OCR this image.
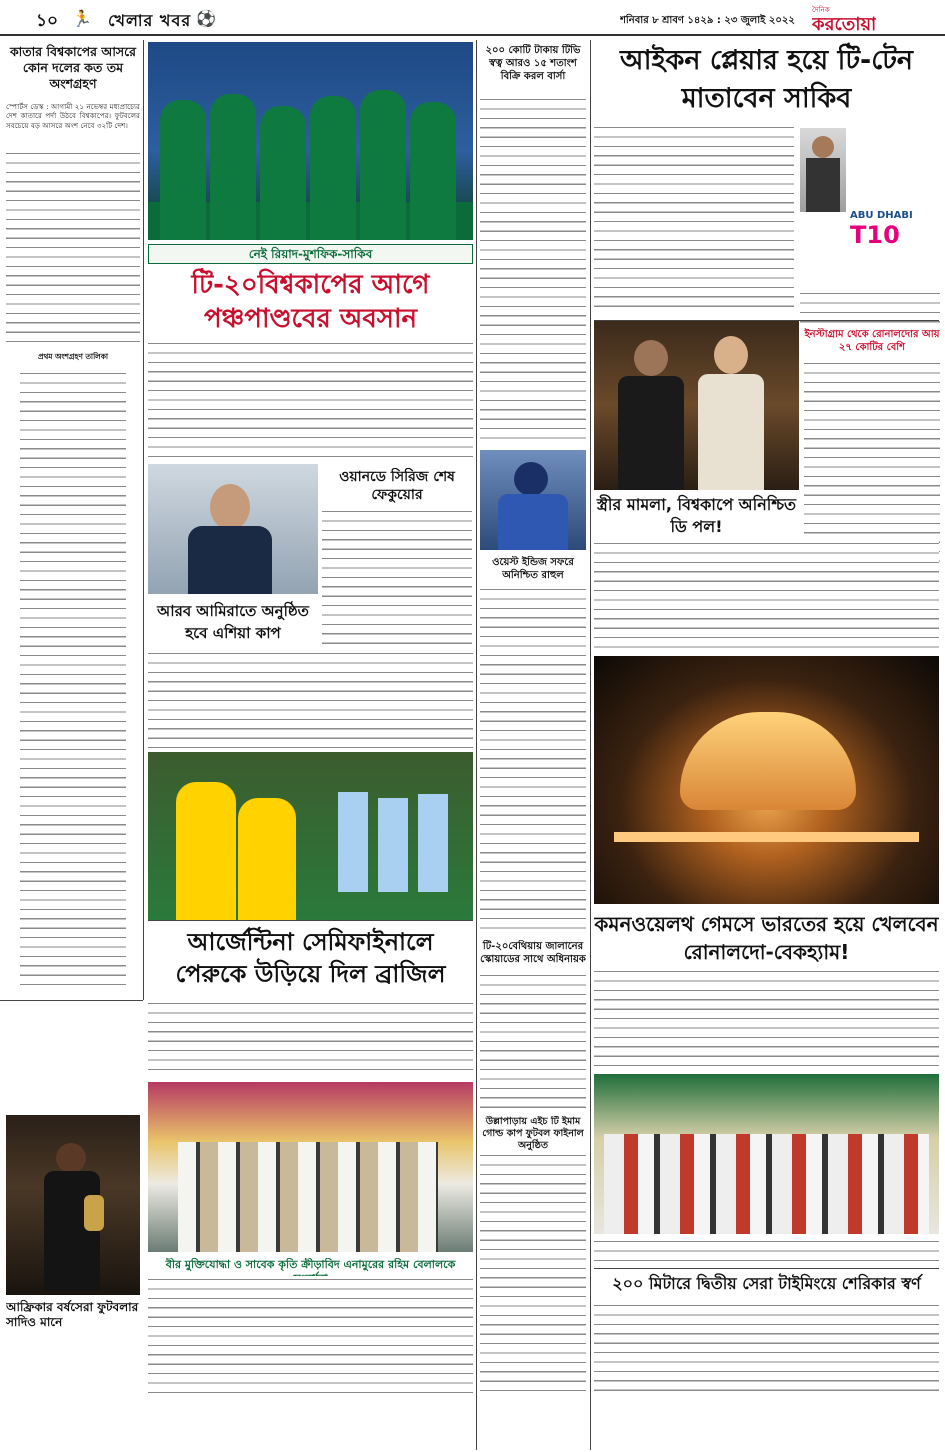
১০ 🏃 খেলার খবর ⚽	শনিবার ৮ শ্রাবণ ১৪২৯ : ২৩ জুলাই ২০২২
দৈনিক
করতোয়া
কাতার বিশ্বকাপের আসরে কোন দলের কত তম অংশগ্রহণ
স্পোর্টস ডেস্ক : আগামী ২১ নভেম্বর মধ্যপ্রাচ্যের দেশ কাতারে পর্দা উঠবে বিশ্বকাপের। ফুটবলের সবচেয়ে বড় আসরে অংশ নেবে ৩২টি দেশ।
প্রথম অংশগ্রহণ তালিকা
নেই রিয়াদ-মুশফিক-সাকিব
টি-২০বিশ্বকাপের আগে পঞ্চপাণ্ডবের অবসান
ওয়ানডে সিরিজ শেষ ফেকুয়োর
আরব আমিরাতে অনুষ্ঠিত হবে এশিয়া কাপ
আর্জেন্টিনা সেমিফাইনালে পেরুকে উড়িয়ে দিল ব্রাজিল
বীর মুক্তিযোদ্ধা ও সাবেক কৃতি ক্রীড়াবিদ এনামুরের রহিম বেলালকে
আফ্রিকার বর্ষসেরা ফুটবলার সাদিও মানে
২০০ কোটি টাকায় টিভি স্বত্ব আরও ১৫ শতাংশ বিক্রি করল বার্সা
ওয়েস্ট ইন্ডিজ সফরে অনিশ্চিত রাহুল
টি-২০বেথিয়ায় জালানের স্কোয়াডের সাথে অধিনায়ক
উল্লাপাড়ায় এইচ টি ইমাম গোল্ড কাপ ফুটবল ফাইনাল অনুষ্ঠিত
আইকন প্লেয়ার হয়ে টি-টেন মাতাবেন সাকিব
ABU DHABI
T10
ইনস্টাগ্রাম থেকে রোনালদোর আয় ২৭ কোটির বেশি
স্ত্রীর মামলা, বিশ্বকাপে অনিশ্চিত ডি পল!
কমনওয়েলথ গেমসে ভারতের হয়ে খেলবেন রোনালদো-বেকহ্যাম!
২০০ মিটারে দ্বিতীয় সেরা টাইমিংয়ে শেরিকার স্বর্ণ
